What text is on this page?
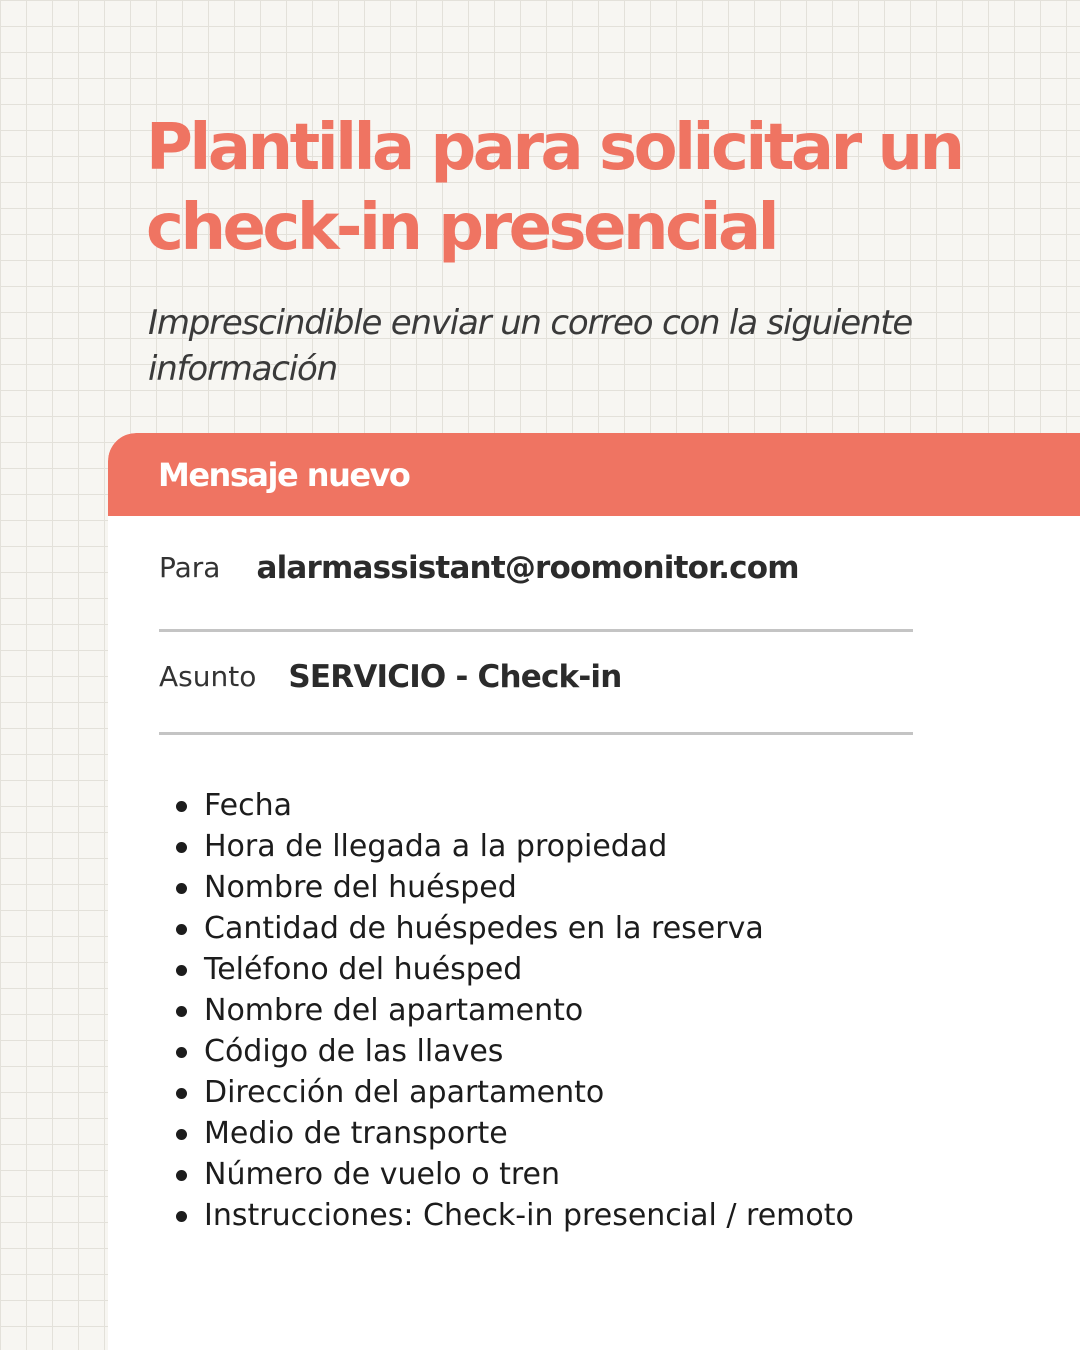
Plantilla para solicitar un check-in presencial

Imprescindible enviar un correo con la siguiente información

Mensaje nuevo
Para alarmassistant@roomonitor.com
Asunto SERVICIO - Check-in
Fecha
Hora de llegada a la propiedad
Nombre del huésped
Cantidad de huéspedes en la reserva
Teléfono del huésped
Nombre del apartamento
Código de las llaves
Dirección del apartamento
Medio de transporte
Número de vuelo o tren
Instrucciones: Check-in presencial / remoto
